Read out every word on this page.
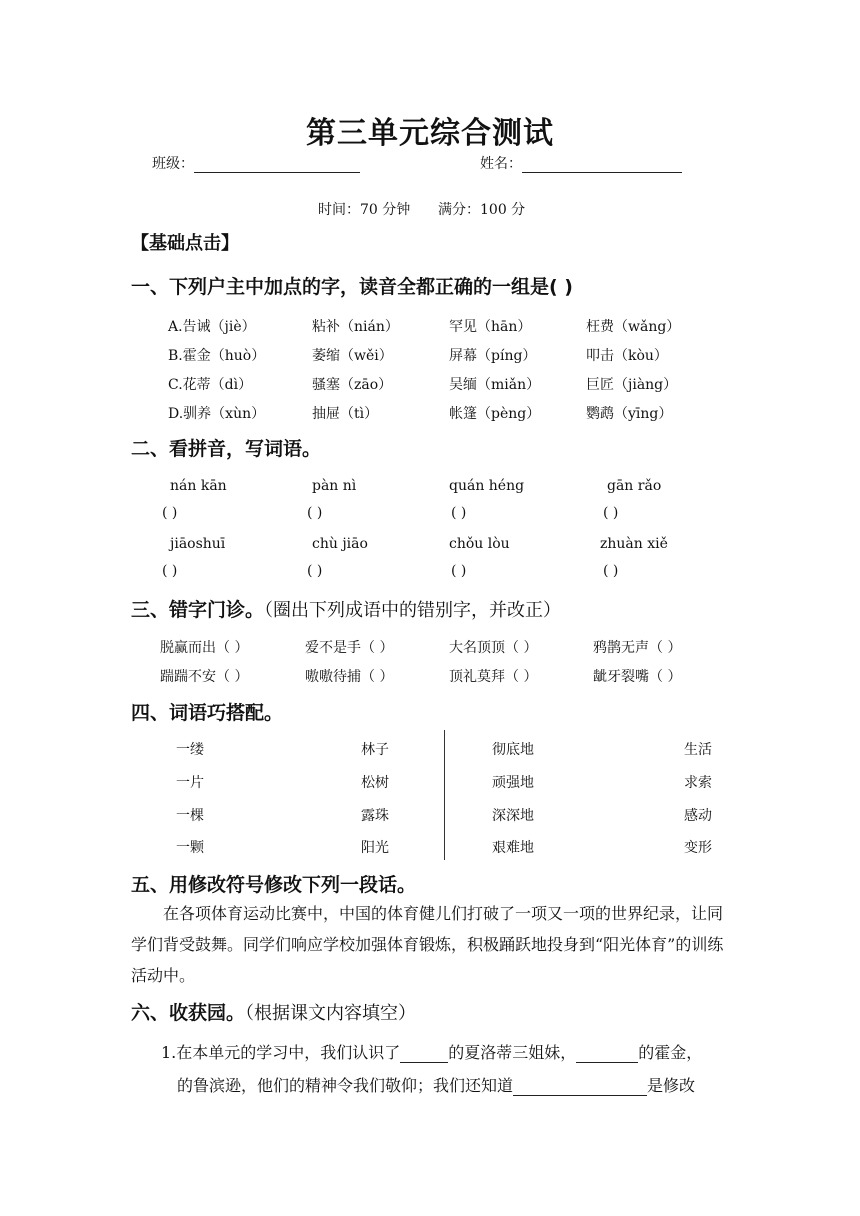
第三单元综合测试
班级：	姓名：
时间：70 分钟 满分：100 分
【基础点击】
一、下列户主中加点的字，读音全都正确的一组是( )
A.告诫（jiè）	粘补（nián）	罕见（hān）	枉费（wǎng）
B.霍金（huò）	萎缩（wěi）	屏幕（píng）	叩击（kòu）
C.花蒂（dì）	骚塞（zāo）	吴缅（miǎn）	巨匠（jiàng）
D.驯养（xùn）	抽屉（tì）	帐篷（pèng）	鹦鹉（yīng）
二、看拼音，写词语。
nán kān	pàn nì	quán héng	gān rǎo
( )	( )	( )	( )
jiāoshuī	chù jiāo	chǒu lòu	zhuàn xiě
( )	( )	( )	( )
三、错字门诊。（圈出下列成语中的错别字，并改正）
脱赢而出（ ）	爱不是手（ ）	大名顶顶（ ）	鸦鹊无声（ ）
踹踹不安（ ）	嗷嗷待捕（ ）	顶礼莫拜（ ）	龇牙裂嘴（ ）
四、词语巧搭配。
一缕	林子	彻底地	生活
一片	松树	顽强地	求索
一棵	露珠	深深地	感动
一颗	阳光	艰难地	变形
五、用修改符号修改下列一段话。
在各项体育运动比赛中，中国的体育健儿们打破了一项又一项的世界纪录，让同学们背受鼓舞。同学们响应学校加强体育锻炼，积极踊跃地投身到“阳光体育”的训练活动中。
六、收获园。（根据课文内容填空）
1.在本单元的学习中，我们认识了	的夏洛蒂三姐妹，	的霍金，
的鲁滨逊，他们的精神令我们敬仰；我们还知道	是修改
